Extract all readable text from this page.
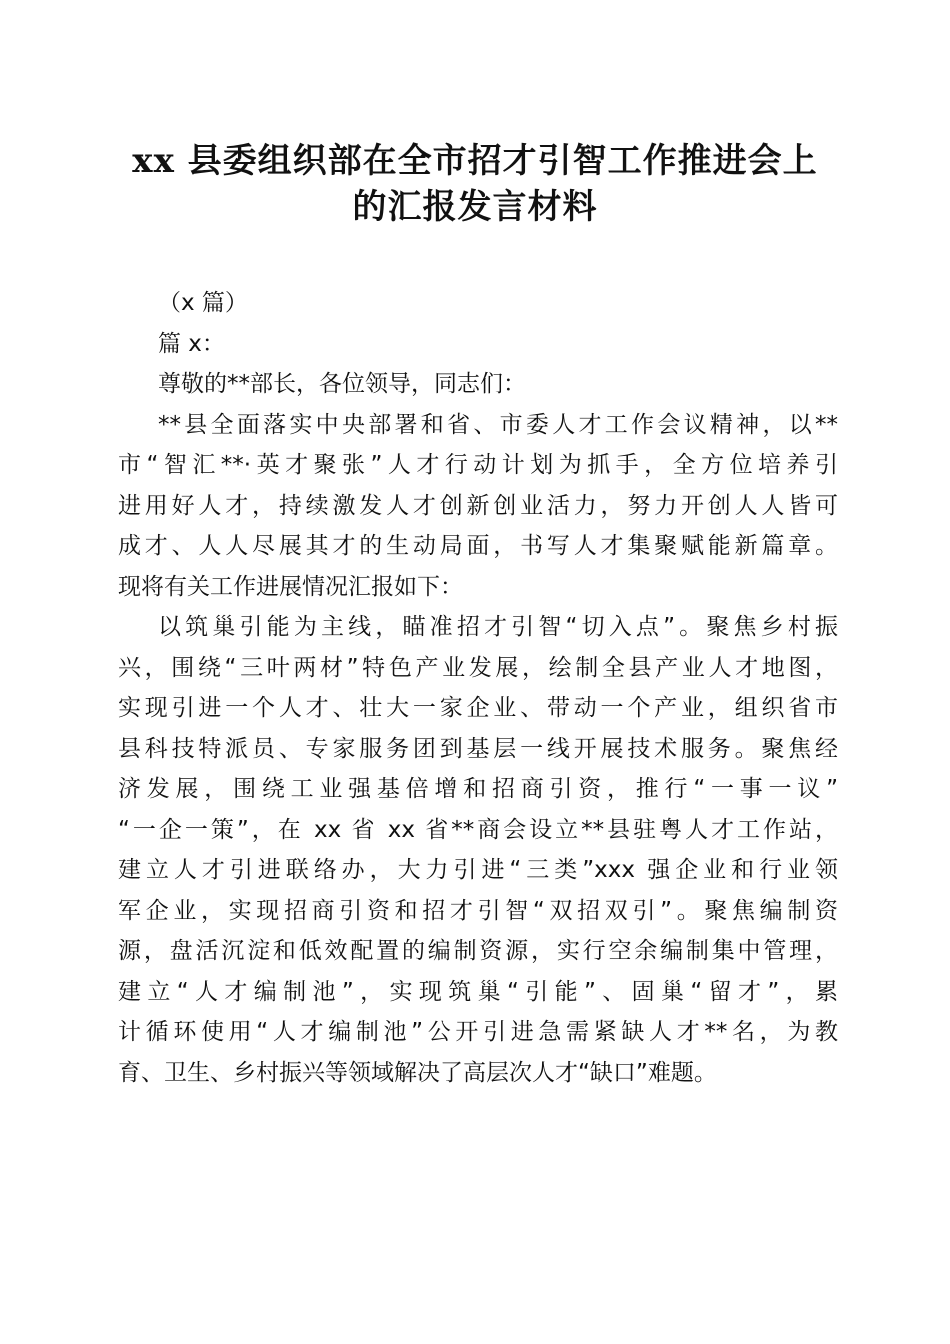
xx 县委组织部在全市招才引智工作推进会上
的汇报发言材料
（x 篇）
篇 x：
尊敬的**部长，各位领导，同志们：
**县全面落实中央部署和省、市委人才工作会议精神，以**
市“智汇**·英才聚张”人才行动计划为抓手，全方位培养引
进用好人才，持续激发人才创新创业活力，努力开创人人皆可
成才、人人尽展其才的生动局面，书写人才集聚赋能新篇章。
现将有关工作进展情况汇报如下：
以筑巢引能为主线，瞄准招才引智“切入点”。聚焦乡村振
兴，围绕“三叶两材”特色产业发展，绘制全县产业人才地图，
实现引进一个人才、壮大一家企业、带动一个产业，组织省市
县科技特派员、专家服务团到基层一线开展技术服务。聚焦经
济发展，围绕工业强基倍增和招商引资，推行“一事一议”
“一企一策”，在 xx 省 xx 省**商会设立**县驻粤人才工作站，
建立人才引进联络办，大力引进“三类”xxx 强企业和行业领
军企业，实现招商引资和招才引智“双招双引”。聚焦编制资
源，盘活沉淀和低效配置的编制资源，实行空余编制集中管理，
建立“人才编制池”，实现筑巢“引能”、固巢“留才”，累
计循环使用“人才编制池”公开引进急需紧缺人才**名，为教
育、卫生、乡村振兴等领域解决了高层次人才“缺口”难题。
